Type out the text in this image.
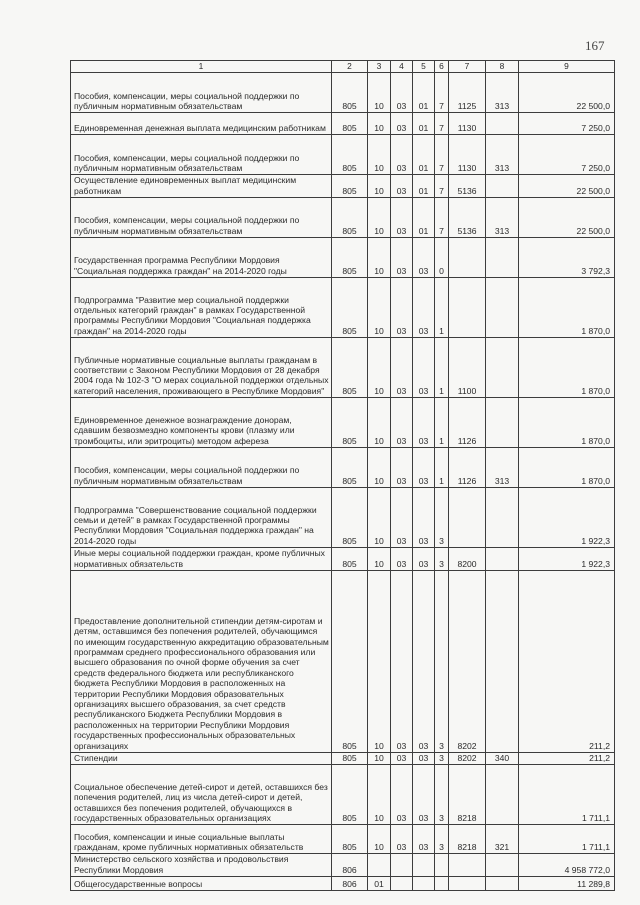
167
1	2	3	4	5	6	7	8	9
Пособия, компенсации, меры социальной поддержки по публичным нормативным обязательствам	805	10	03	01	7	1125	313	22 500,0
Единовременная денежная выплата медицинским работникам	805	10	03	01	7	1130		7 250,0
Пособия, компенсации, меры социальной поддержки по публичным нормативным обязательствам	805	10	03	01	7	1130	313	7 250,0
Осуществление единовременных выплат медицинским работникам	805	10	03	01	7	5136		22 500,0
Пособия, компенсации, меры социальной поддержки по публичным нормативным обязательствам	805	10	03	01	7	5136	313	22 500,0
Государственная программа Республики Мордовия "Социальная поддержка граждан" на 2014-2020 годы	805	10	03	03	0			3 792,3
Подпрограмма "Развитие мер социальной поддержки отдельных категорий граждан" в рамках Государственной программы Республики Мордовия "Социальная поддержка граждан" на 2014-2020 годы	805	10	03	03	1			1 870,0
Публичные нормативные социальные выплаты гражданам в соответствии с Законом Республики Мордовия от 28 декабря 2004 года № 102-З "О мерах социальной поддержки отдельных категорий населения, проживающего в Республике Мордовия"	805	10	03	03	1	1100		1 870,0
Единовременное денежное вознаграждение донорам, сдавшим безвозмездно компоненты крови (плазму или тромбоциты, или эритроциты) методом афереза	805	10	03	03	1	1126		1 870,0
Пособия, компенсации, меры социальной поддержки по публичным нормативным обязательствам	805	10	03	03	1	1126	313	1 870,0
Подпрограмма "Совершенствование социальной поддержки семьи и детей" в рамках Государственной программы Республики Мордовия "Социальная поддержка граждан" на 2014-2020 годы	805	10	03	03	3			1 922,3
Иные меры социальной поддержки граждан, кроме публичных нормативных обязательств	805	10	03	03	3	8200		1 922,3
Предоставление дополнительной стипендии детям-сиротам и детям, оставшимся без попечения родителей, обучающимся по имеющим государственную аккредитацию образовательным программам среднего профессионального образования или высшего образования по очной форме обучения за счет средств федерального бюджета или республиканского бюджета Республики Мордовия в расположенных на территории Республики Мордовия образовательных организациях высшего образования, за счет средств республиканского Бюджета Республики Мордовия в расположенных на территории Республики Мордовия государственных профессиональных образовательных организациях	805	10	03	03	3	8202		211,2
Стипендии	805	10	03	03	3	8202	340	211,2
Социальное обеспечение детей-сирот и детей, оставшихся без попечения родителей, лиц из числа детей-сирот и детей, оставшихся без попечения родителей, обучающихся в государственных образовательных организациях	805	10	03	03	3	8218		1 711,1
Пособия, компенсации и иные социальные выплаты гражданам, кроме публичных нормативных обязательств	805	10	03	03	3	8218	321	1 711,1
Министерство сельского хозяйства и продовольствия Республики Мордовия	806							4 958 772,0
Общегосударственные вопросы	806	01						11 289,8
